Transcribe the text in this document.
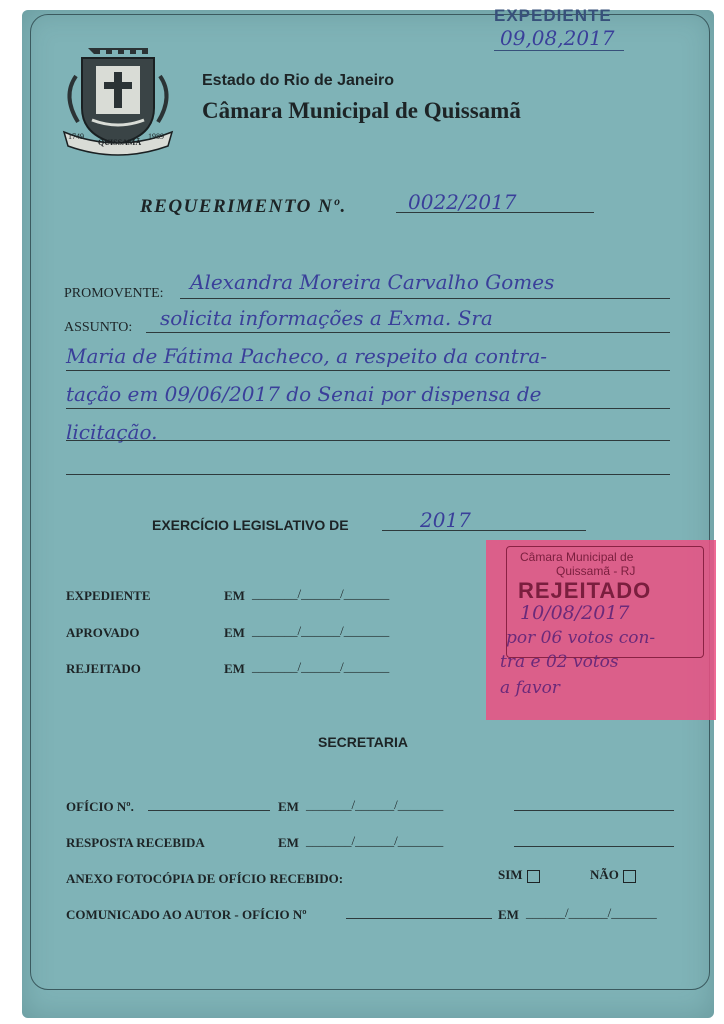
EXPEDIENTE
09,08,2017
1749
QUISSAMÃ
1989
Estado do Rio de Janeiro
Câmara Municipal de Quissamã
REQUERIMENTO Nº.	0022/2017
PROMOVENTE: Alexandra Moreira Carvalho Gomes
ASSUNTO: solicita informações a Exma. Sra
Maria de Fátima Pacheco, a respeito da contra-
tação em 09/06/2017 do Senai por dispensa de
licitação.
EXERCÍCIO LEGISLATIVO DE	2017
EXPEDIENTE	EM _______/______/_______
APROVADO	EM _______/______/_______
REJEITADO	EM _______/______/_______
Câmara Municipal de
Quissamã - RJ
REJEITADO
10/08/2017
por 06 votos con-
tra e 02 votos
a favor
SECRETARIA
OFÍCIO Nº.	EM _______/______/_______
RESPOSTA RECEBIDA	EM _______/______/_______
ANEXO FOTOCÓPIA DE OFÍCIO RECEBIDO:	SIM	NÃO
COMUNICADO AO AUTOR - OFÍCIO Nº	EM ______/______/_______
